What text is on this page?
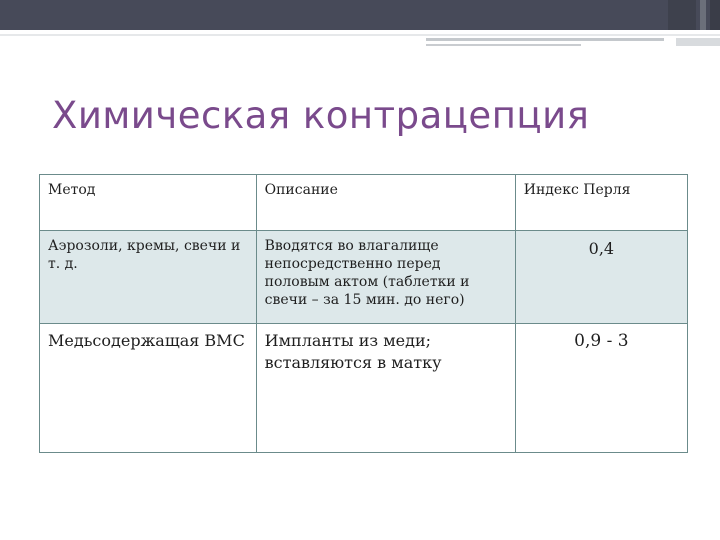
Химическая контрацепция
Метод	Описание	Индекс Перля

Аэрозоли, кремы, свечи и т. д.	Вводятся во влагалище непосредственно перед половым актом (таблетки и свечи – за 15 мин. до него)	0,4

Медьсодержащая ВМС	Импланты из меди; вставляются в матку	0,9 - 3
